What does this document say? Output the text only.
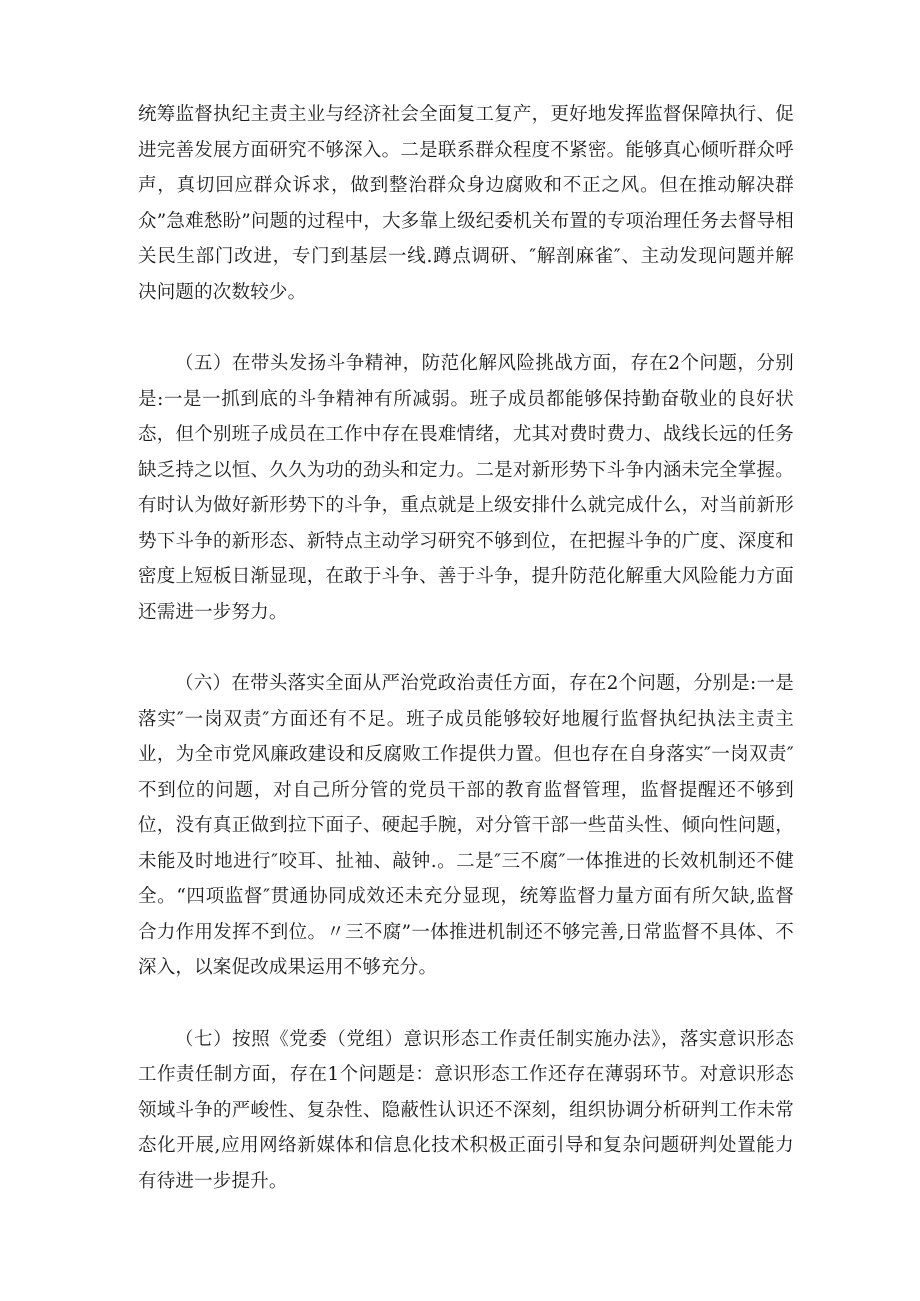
统筹监督执纪主责主业与经济社会全面复工复产，更好地发挥监督保障执行、促进完善发展方面研究不够深入。二是联系群众程度不紧密。能够真心倾听群众呼声，真切回应群众诉求，做到整治群众身边腐败和不正之风。但在推动解决群众”急难愁盼”问题的过程中，大多靠上级纪委机关布置的专项治理任务去督导相关民生部门改进，专门到基层一线.蹲点调研、″解剖麻雀″、主动发现问题并解决问题的次数较少。

（五）在带头发扬斗争精神，防范化解风险挑战方面，存在2个问题，分别是:一是一抓到底的斗争精神有所减弱。班子成员都能够保持勤奋敬业的良好状态，但个别班子成员在工作中存在畏难情绪，尤其对费时费力、战线长远的任务缺乏持之以恒、久久为功的劲头和定力。二是对新形势下斗争内涵未完全掌握。有时认为做好新形势下的斗争，重点就是上级安排什么就完成什么，对当前新形势下斗争的新形态、新特点主动学习研究不够到位，在把握斗争的广度、深度和密度上短板日渐显现，在敢于斗争、善于斗争，提升防范化解重大风险能力方面还需进一步努力。

（六）在带头落实全面从严治党政治责任方面，存在2个问题，分别是:一是落实″一岗双责″方面还有不足。班子成员能够较好地履行监督执纪执法主责主业，为全市党风廉政建设和反腐败工作提供力置。但也存在自身落实″一岗双责″不到位的问题，对自己所分管的党员干部的教育监督管理，监督提醒还不够到位，没有真正做到拉下面子、硬起手腕，对分管干部一些苗头性、倾向性问题，未能及时地进行″咬耳、扯袖、敲钟.。二是″三不腐″一体推进的长效机制还不健全。“四项监督″贯通协同成效还未充分显现，统筹监督力量方面有所欠缺,监督合力作用发挥不到位。〃三不腐”一体推进机制还不够完善,日常监督不具体、不深入，以案促改成果运用不够充分。

（七）按照《党委（党组）意识形态工作责任制实施办法》，落实意识形态工作责任制方面，存在1个问题是：意识形态工作还存在薄弱环节。对意识形态领域斗争的严峻性、复杂性、隐蔽性认识还不深刻，组织协调分析研判工作未常态化开展,应用网络新媒体和信息化技术积极正面引导和复杂问题研判处置能力有待进一步提升。
